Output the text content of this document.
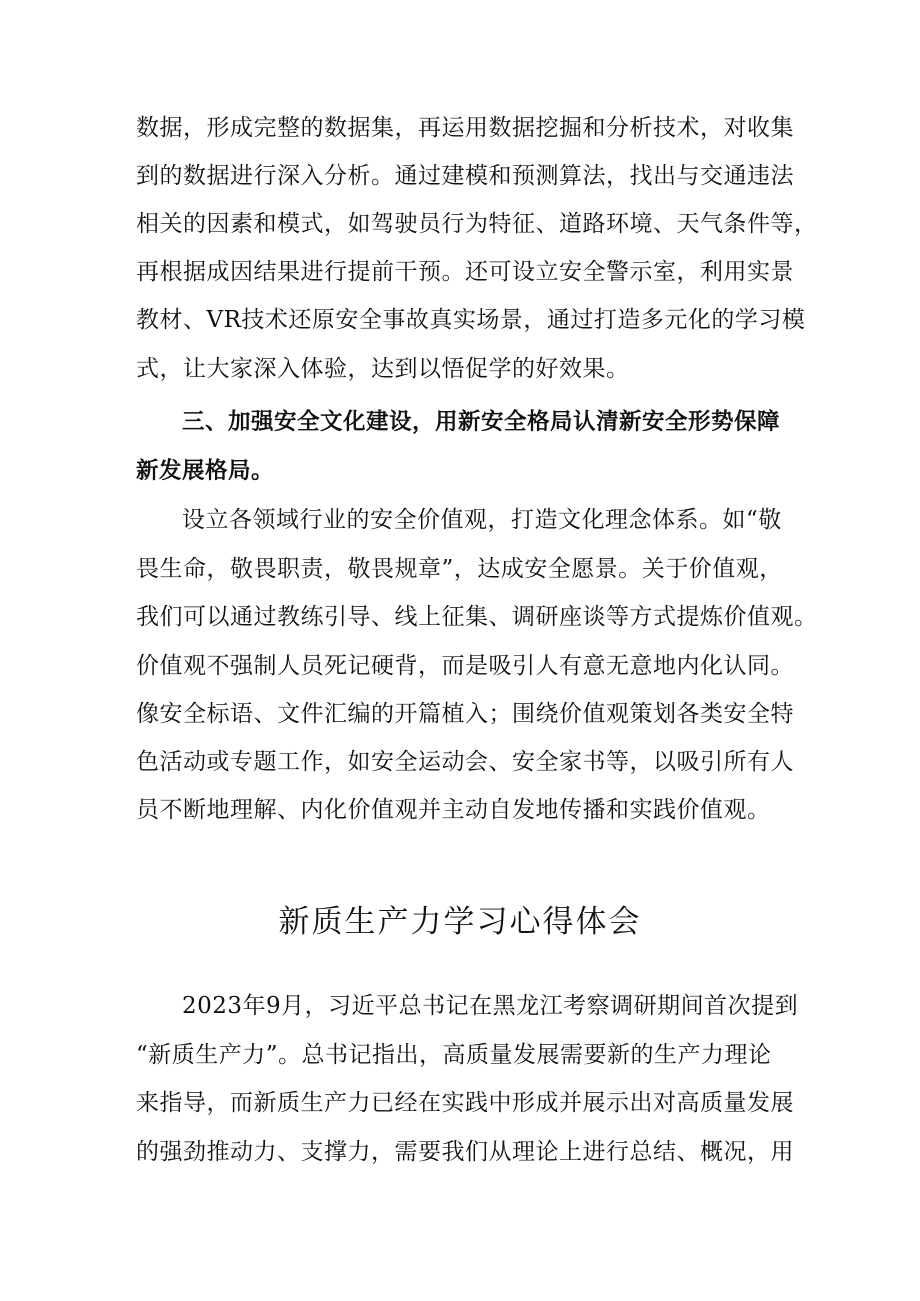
数据，形成完整的数据集，再运用数据挖掘和分析技术，对收集
到的数据进行深入分析。通过建模和预测算法，找出与交通违法
相关的因素和模式，如驾驶员行为特征、道路环境、天气条件等，
再根据成因结果进行提前干预。还可设立安全警示室，利用实景
教材、VR技术还原安全事故真实场景，通过打造多元化的学习模
式，让大家深入体验，达到以悟促学的好效果。
三、加强安全文化建设，用新安全格局认清新安全形势保障
新发展格局。
设立各领域行业的安全价值观，打造文化理念体系。如“敬
畏生命，敬畏职责，敬畏规章”，达成安全愿景。关于价值观，
我们可以通过教练引导、线上征集、调研座谈等方式提炼价值观。
价值观不强制人员死记硬背，而是吸引人有意无意地内化认同。
像安全标语、文件汇编的开篇植入；围绕价值观策划各类安全特
色活动或专题工作，如安全运动会、安全家书等，以吸引所有人
员不断地理解、内化价值观并主动自发地传播和实践价值观。
新质生产力学习心得体会
2023年9月，习近平总书记在黑龙江考察调研期间首次提到
“新质生产力”。总书记指出，高质量发展需要新的生产力理论
来指导，而新质生产力已经在实践中形成并展示出对高质量发展
的强劲推动力、支撑力，需要我们从理论上进行总结、概况，用
